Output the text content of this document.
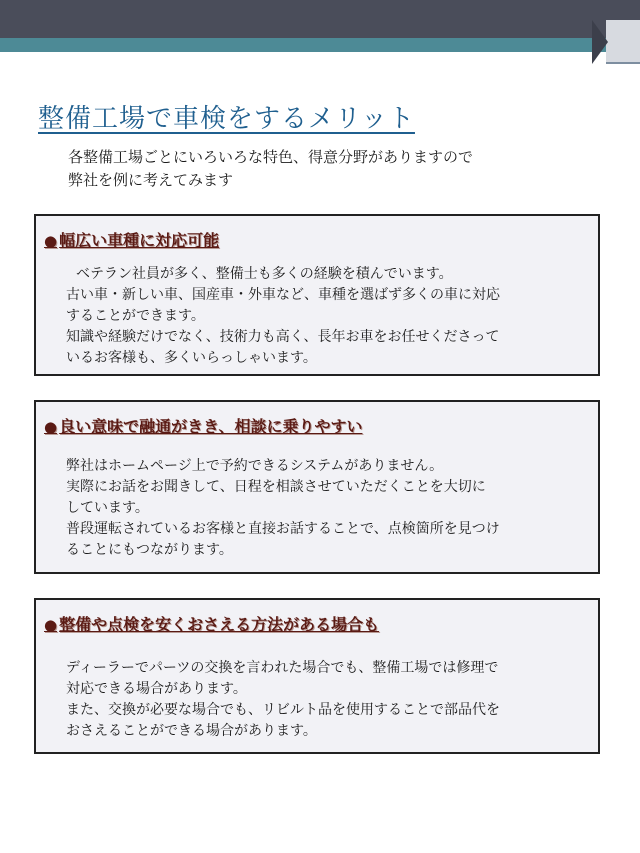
整備工場で車検をするメリット
各整備工場ごとにいろいろな特色、得意分野がありますので
弊社を例に考えてみます
● 幅広い車種に対応可能
ベテラン社員が多く、整備士も多くの経験を積んでいます。
古い車・新しい車、国産車・外車など、車種を選ばず多くの車に対応
することができます。
知識や経験だけでなく、技術力も高く、長年お車をお任せくださって
いるお客様も、多くいらっしゃいます。
● 良い意味で融通がきき、相談に乗りやすい
弊社はホームページ上で予約できるシステムがありません。
実際にお話をお聞きして、日程を相談させていただくことを大切に
しています。
普段運転されているお客様と直接お話することで、点検箇所を見つけ
ることにもつながります。
● 整備や点検を安くおさえる方法がある場合も
ディーラーでパーツの交換を言われた場合でも、整備工場では修理で
対応できる場合があります。
また、交換が必要な場合でも、リビルト品を使用することで部品代を
おさえることができる場合があります。
